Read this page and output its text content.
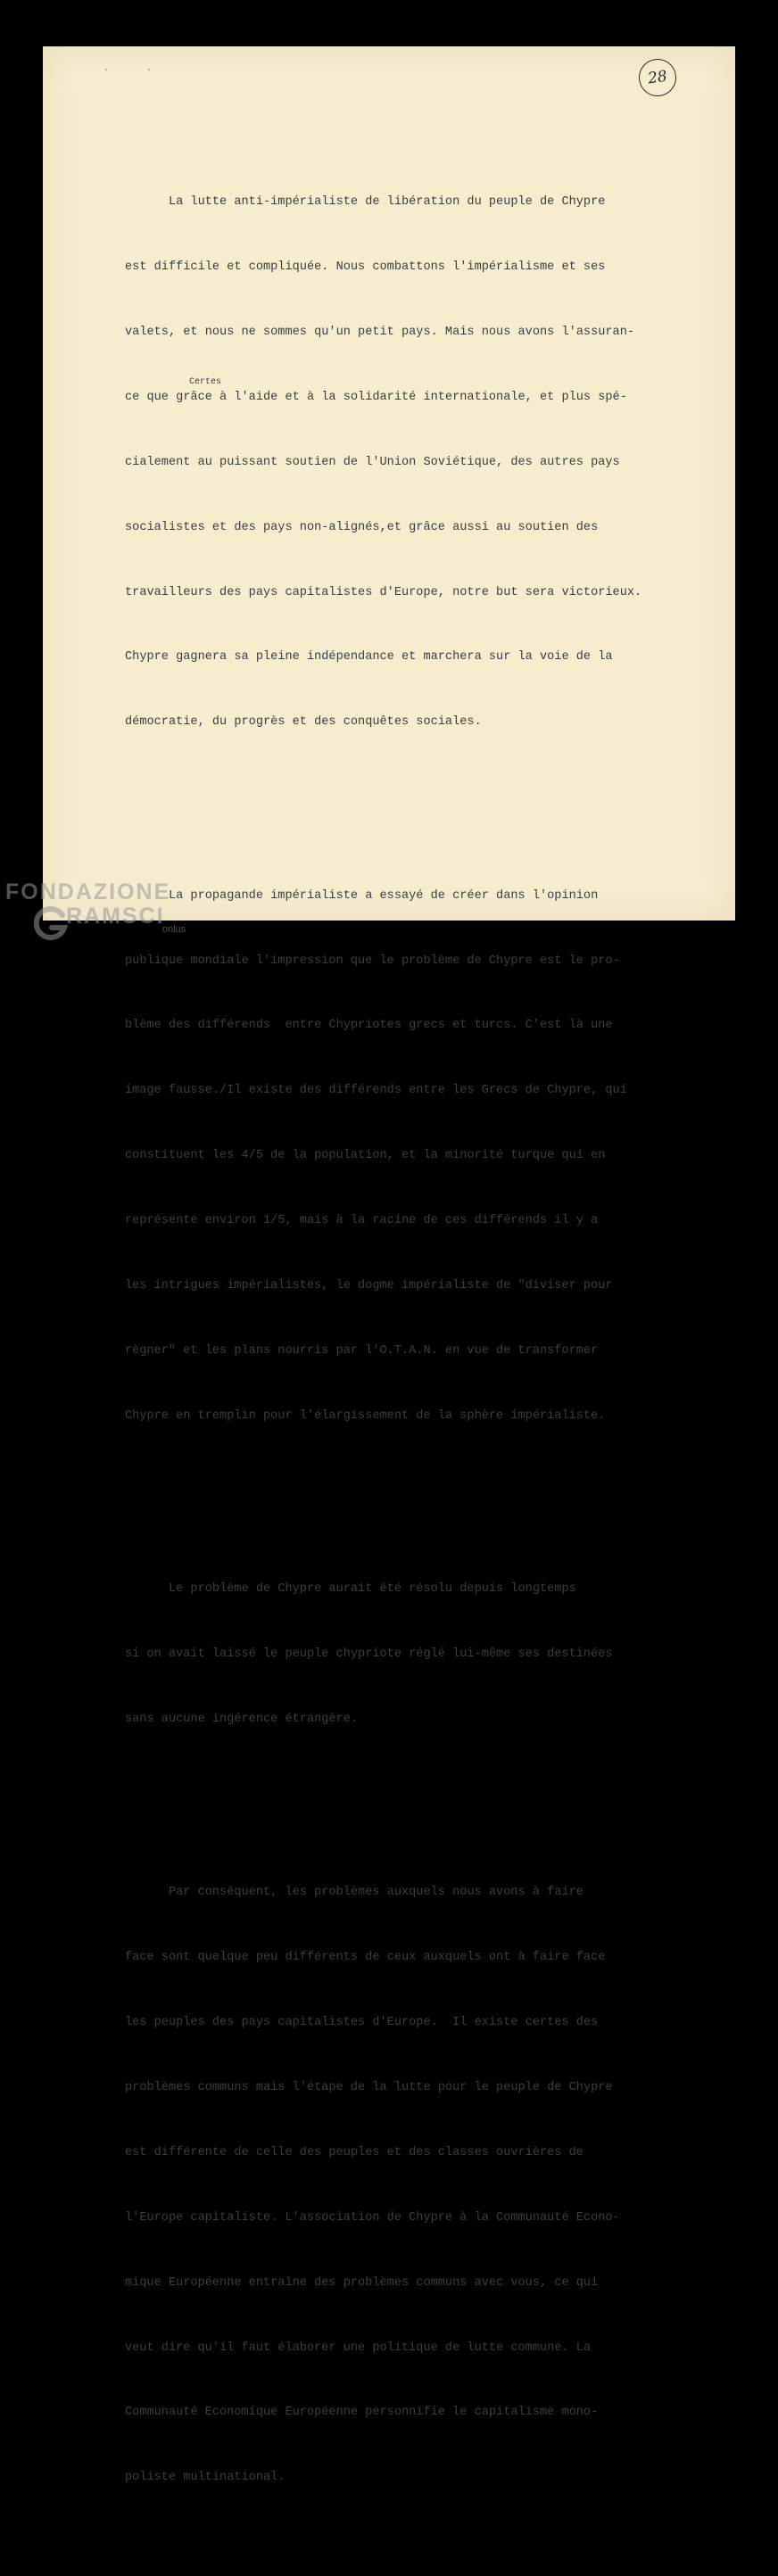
· ·	28

La lutte anti-impérialiste de libération du peuple de Chypre

est difficile et compliquée. Nous combattons l'impérialisme et ses

valets, et nous ne sommes qu'un petit pays. Mais nous avons l'assuran-

ce que grâce à l'aide et à la solidarité internationale, et plus spé-

cialement au puissant soutien de l'Union Soviétique, des autres pays

socialistes et des pays non-alignés,et grâce aussi au soutien des

travailleurs des pays capitalistes d'Europe, notre but sera victorieux.

Chypre gagnera sa pleine indépendance et marchera sur la voie de la

démocratie, du progrès et des conquêtes sociales.

La propagande impérialiste a essayé de créer dans l'opinion

publique mondiale l'impression que le problème de Chypre est le pro-

blème des différends  entre Chypriotes grecs et turcs. C'est là une

image fausse./Il existe des différends entre les Grecs de Chypre, qui

constituent les 4/5 de la population, et la minorité turque qui en

représente environ 1/5, mais à la racine de ces différends il y a

les intrigues impérialistes, le dogme impérialiste de "diviser pour

règner" et les plans nourris par l'O.T.A.N. en vue de transformer

Chypre en tremplin pour l'élargissement de la sphère impérialiste.

Le problème de Chypre aurait été résolu depuis longtemps

si on avait laissé le peuple chypriote réglé lui-même ses destinées

sans aucune ingérence étrangère.

Par conséquent, les problèmes auxquels nous avons à faire

face sont quelque peu différents de ceux auxquels ont à faire face

les peuples des pays capitalistes d'Europe.  Il existe certes des

problèmes communs mais l'étape de la lutte pour le peuple de Chypre

est différente de celle des peuples et des classes ouvrières de

l'Europe capitaliste. L'association de Chypre à la Communauté Econo-

mique Européenne entraîne des problèmes communs avec vous, ce qui

veut dire qu'il faut élaborer une politique de lutte commune. La

Communauté Economique Européenne personnifie le capitalisme mono-

poliste multinational.

Certes
FONDAZIONE
RAMSCI
onlus
